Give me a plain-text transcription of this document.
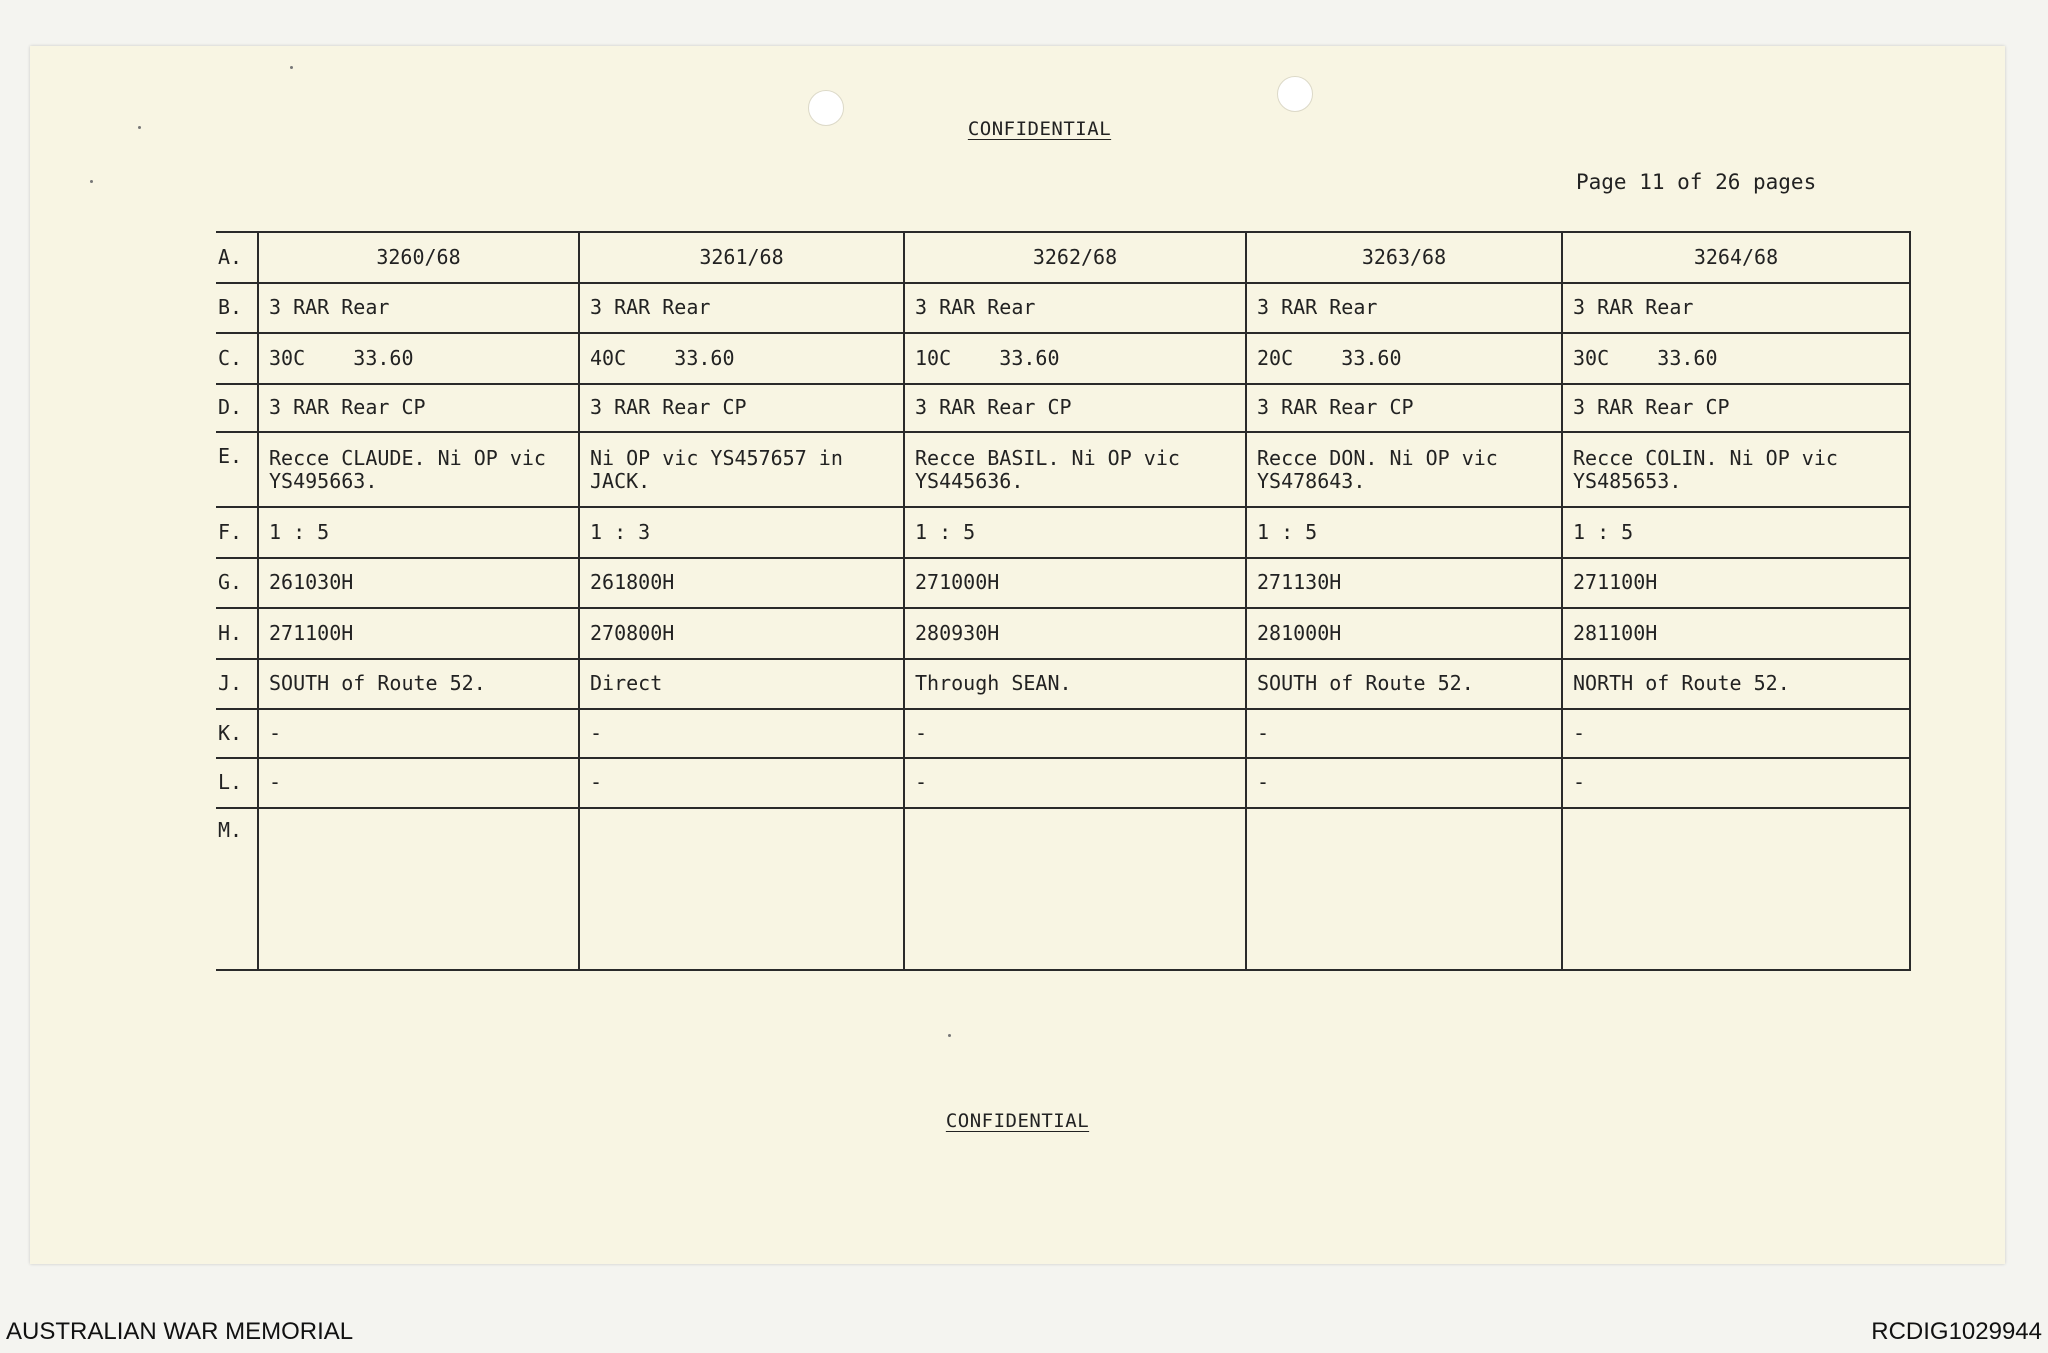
CONFIDENTIAL
Page 11 of 26 pages
A.	3260/68	3261/68	3262/68	3263/68	3264/68
B.	3 RAR Rear	3 RAR Rear	3 RAR Rear	3 RAR Rear	3 RAR Rear
C.	30C    33.60	40C    33.60	10C    33.60	20C    33.60	30C    33.60
D.	3 RAR Rear CP	3 RAR Rear CP	3 RAR Rear CP	3 RAR Rear CP	3 RAR Rear CP
E.	Recce CLAUDE. Ni OP vic YS495663.	Ni OP vic YS457657 in JACK.	Recce BASIL. Ni OP vic YS445636.	Recce DON. Ni OP vic YS478643.	Recce COLIN. Ni OP vic YS485653.
F.	1 : 5	1 : 3	1 : 5	1 : 5	1 : 5
G.	261030H	261800H	271000H	271130H	271100H
H.	271100H	270800H	280930H	281000H	281100H
J.	SOUTH of Route 52.	Direct	Through SEAN.	SOUTH of Route 52.	NORTH of Route 52.
K.	-	-	-	-	-
L.	-	-	-	-	-
M.					
CONFIDENTIAL
AUSTRALIAN WAR MEMORIAL	RCDIG1029944
